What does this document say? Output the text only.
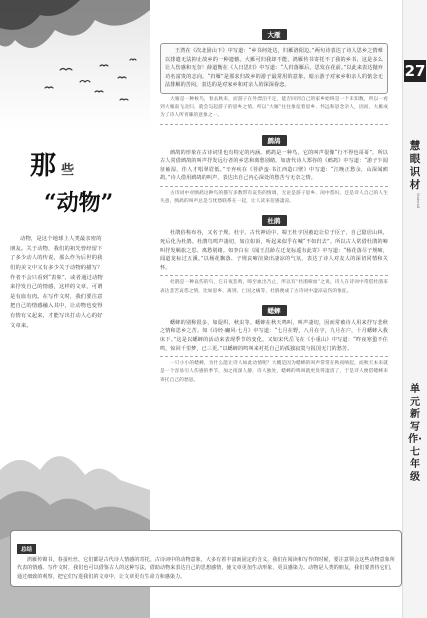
那 些
“动物”

动物，是这个地球上人类最亲密的朋友。关于动物，我们的祖先曾经留下了多少动人的传说，那么作为后世的我们的美文中又有多少关于动物的描写？作者不会只看到“表象”，或者通过动物来抒发自己的情感，这样的文章，可谓是有血有肉。在写作文时，我们要注意把自己的情感融入其中，让动物也变得有情有义起来，才能写出打动人心的好文章来。

大雁

王湾在《次北固山下》中写道：“乡书何处达，归雁洛阳边。”两句诗表达了诗人思乡之情难以排遣无法抑止故乡的一种遗憾。大雁可归我却不能，鸿雁传书寄托不了我的乡书，这是多么让人伤感和无奈！薛道衡在《人日思归》中写道：“人归落雁后，思发在花前。”以此来表达抛弃功名富贵的志向，“归雁”是那求归故乡的游子最常用的意象，暗示游子对家乡和亲人的惦念无法排解的苦闷，表达的是对家乡和对亲人的深深眷恋。

大雁是一种候鸟，春去秋来，而游子在外漂泊不定，能否回到自己的家乡始终是一个未知数，所以一看到大雁南飞北归，就会勾起游子的思乡之情。所以“大雁”往往象征着思乡、怀远和思念亲人，因而，大雁成为了诗人所青睐的意象之一。

鹧鸪

鹧鸪的形象在古诗词里也有特定的内涵。鹧鸪是一种鸟，它的叫声很像“行不得也哥哥”，所以古人常借鹧鸪的叫声抒发远行者的乡思和离愁别绪。如唐代诗人郑谷的《鹧鸪》中写道：“游子乍闻征袖湿，佳人才唱翠眉低。”辛弃疾在《菩萨蛮·书江西造口壁》中写道：“江晚正愁余，山深闻鹧鸪。”诗人借用鹧鸪的叫声，表达出自己内心深处的愁苦与无奈之情。

古诗词中对鹧鸪这种鸟的描写多数带有哀伤的情调，无论是游子思乡、闺中怨妇，还是诗人自己的人生失意，鹧鸪的叫声总是与忧愁联系在一起，让人读来倍感凄凉。

杜鹃

杜鹃俗称布谷，又名子规、杜宇。古代神话中，蜀王杜宇因被迫让位于臣子，自己隐居山林，死后化为杜鹃。杜鹃鸟鸣声凄切，如泣如诉，听起来似乎在喊“不如归去”。所以古人常借杜鹃的啼叫抒发羁旅之思、离愁别绪。如李白在《闻王昌龄左迁龙标遥有此寄》中写道：“杨花落尽子规啼，闻道龙标过五溪。”以杨花飘落、子规哀啼渲染出凄凉的气氛，表达了诗人对友人的深切同情和关怀。

杜鹃是一种哀伤的鸟，它日夜悲鸣，啼至血出乃止，所以有“杜鹃啼血”之说。诗人在诗词中常借杜鹃来表达悲苦哀怨之情，比如思乡、离别、亡国之痛等，杜鹃便成了古诗词中凄凉哀伤的象征。

蟋蟀

蟋蟀的别称很多，如促织、秋虫等。蟋蟀在秋天鸣叫，叫声凄切，因而常被诗人用来抒写悲秋之情和思乡之苦。如《诗经·豳风·七月》中写道：“七月在野，八月在宇，九月在户，十月蟋蟀入我床下。”这是以蟋蟀的活动来表现季节的变化。又如宋代岳飞在《小重山》中写道：“昨夜寒蛩不住鸣，惊回千里梦，已三更。”以蟋蟀的鸣叫来衬托自己的孤独寂寞与报国无门的愁苦。

一只小小的蟋蟀，为什么能让诗人如此动情呢？大概是因为蟋蟀的叫声常常在秋夜响起，而秋天本来就是一个容易引人伤感的季节，加之夜深人静，诗人独处，蟋蟀的鸣叫就更显得凄清了，于是诗人便借蟋蟀来寄托自己的愁思。

总结

鸿雁传锦书，春蚕吐丝，它们都是古代诗人情感的寄托。古诗词中的动物意象，大多有着丰富而固定的含义，我们在阅读和写作的时候，要注意领会这些动物意象所代表的情感。写作文时，我们也可以借鉴古人的这种写法，借助动物来表达自己的思想感情，使文章更加生动形象，更具感染力。动物是人类的朋友，我们要善待它们，通过细致的观察，把它们写进我们的文章中，让文章更有生命力和感染力。

27
慧眼识材
Material
单元新写作·七年级
